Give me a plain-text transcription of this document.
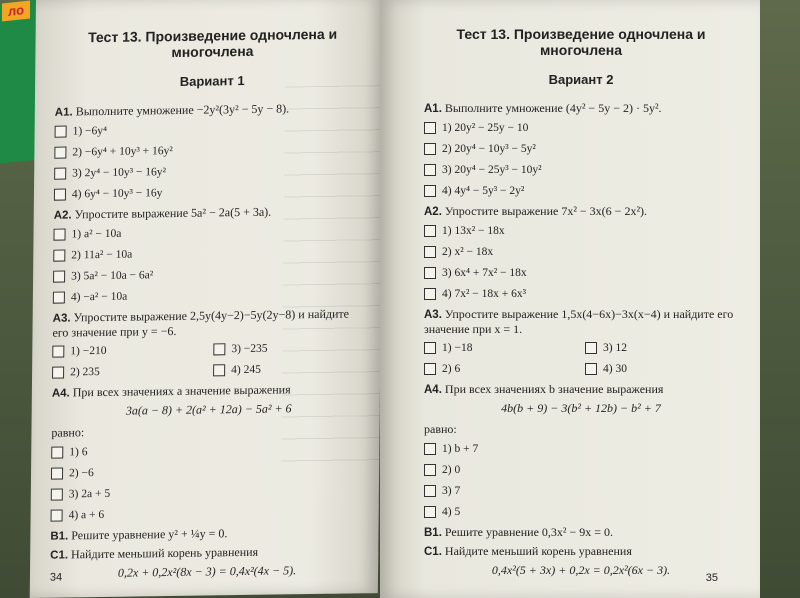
ло

Тест 13. Произведение одночлена и многочлена

Вариант 1

А1. Выполните умножение −2y²(3y² − 5y − 8).

1) −6y⁴
2) −6y⁴ + 10y³ + 16y²
3) 2y⁴ − 10y³ − 16y²
4) 6y⁴ − 10y³ − 16y

А2. Упростите выражение 5a² − 2a(5 + 3a).

1) a² − 10a
2) 11a² − 10a
3) 5a² − 10a − 6a²
4) −a² − 10a

А3. Упростите выражение 2,5y(4y−2)−5y(2y−8) и найдите его значение при y = −6.

1) −210	3) −235
2) 235	4) 245

А4. При всех значениях a значение выражения

3a(a − 8) + 2(a² + 12a) − 5a² + 6

равно:

1) 6
2) −6
3) 2a + 5
4) a + 6

В1. Решите уравнение y² + ¼y = 0.

С1. Найдите меньший корень уравнения

0,2x + 0,2x²(8x − 3) = 0,4x²(4x − 5).

34

Тест 13. Произведение одночлена и многочлена

Вариант 2

А1. Выполните умножение (4y² − 5y − 2) · 5y².

1) 20y² − 25y − 10
2) 20y⁴ − 10y³ − 5y²
3) 20y⁴ − 25y³ − 10y²
4) 4y⁴ − 5y³ − 2y²

А2. Упростите выражение 7x² − 3x(6 − 2x²).

1) 13x² − 18x
2) x² − 18x
3) 6x⁴ + 7x² − 18x
4) 7x² − 18x + 6x³

А3. Упростите выражение 1,5x(4−6x)−3x(x−4) и найдите его значение при x = 1.

1) −18	3) 12
2) 6	4) 30

А4. При всех значениях b значение выражения

4b(b + 9) − 3(b² + 12b) − b² + 7

равно:

1) b + 7
2) 0
3) 7
4) 5

В1. Решите уравнение 0,3x² − 9x = 0.

С1. Найдите меньший корень уравнения

0,4x²(5 + 3x) + 0,2x = 0,2x²(6x − 3).

35
